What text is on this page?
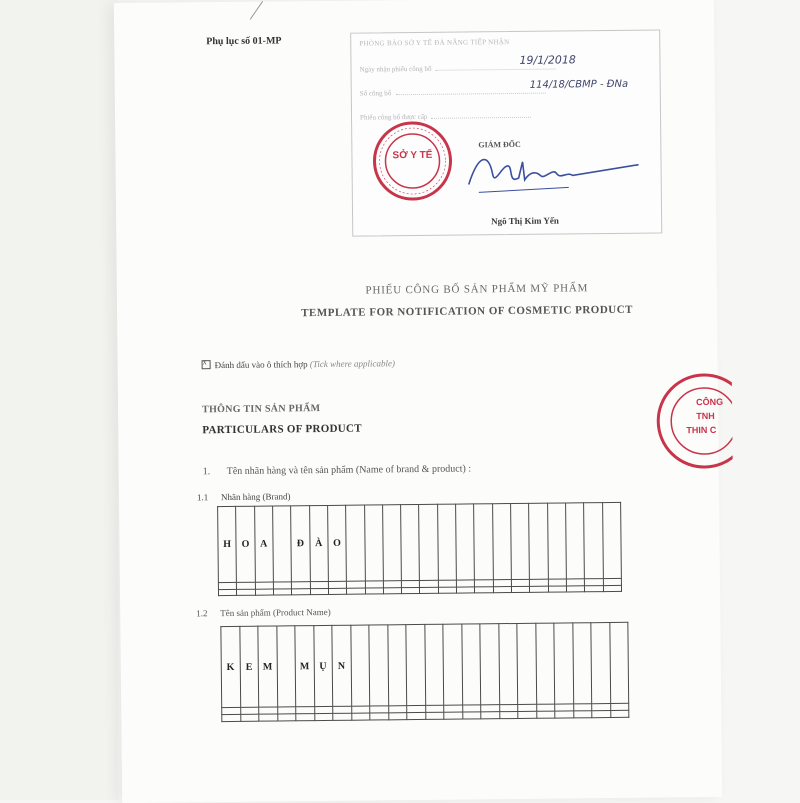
Phụ lục số 01-MP	PHÒNG BẢO SỞ Y TẾ ĐÀ NẴNG TIẾP NHẬN
Ngày nhận phiếu công bố
19/1/2018
Số công bố
114/18/CBMP - ĐNa
Phiếu công bố được cấp
GIÁM ĐỐC
Ngô Thị Kim Yến
SỞ Y TẾ
CÔNG
TNH
THIN C
PHIẾU CÔNG BỐ SẢN PHẨM MỸ PHẨM
TEMPLATE FOR NOTIFICATION OF COSMETIC PRODUCT
xĐánh dấu vào ô thích hợp (Tick where applicable)
THÔNG TIN SẢN PHẨM
PARTICULARS OF PRODUCT
1. Tên nhãn hàng và tên sản phẩm (Name of brand & product) :
1.1 Nhãn hàng (Brand)
H	O	A		Đ	À	O															

1.2 Tên sản phẩm (Product Name)
K	E	M		M	Ụ	N															
